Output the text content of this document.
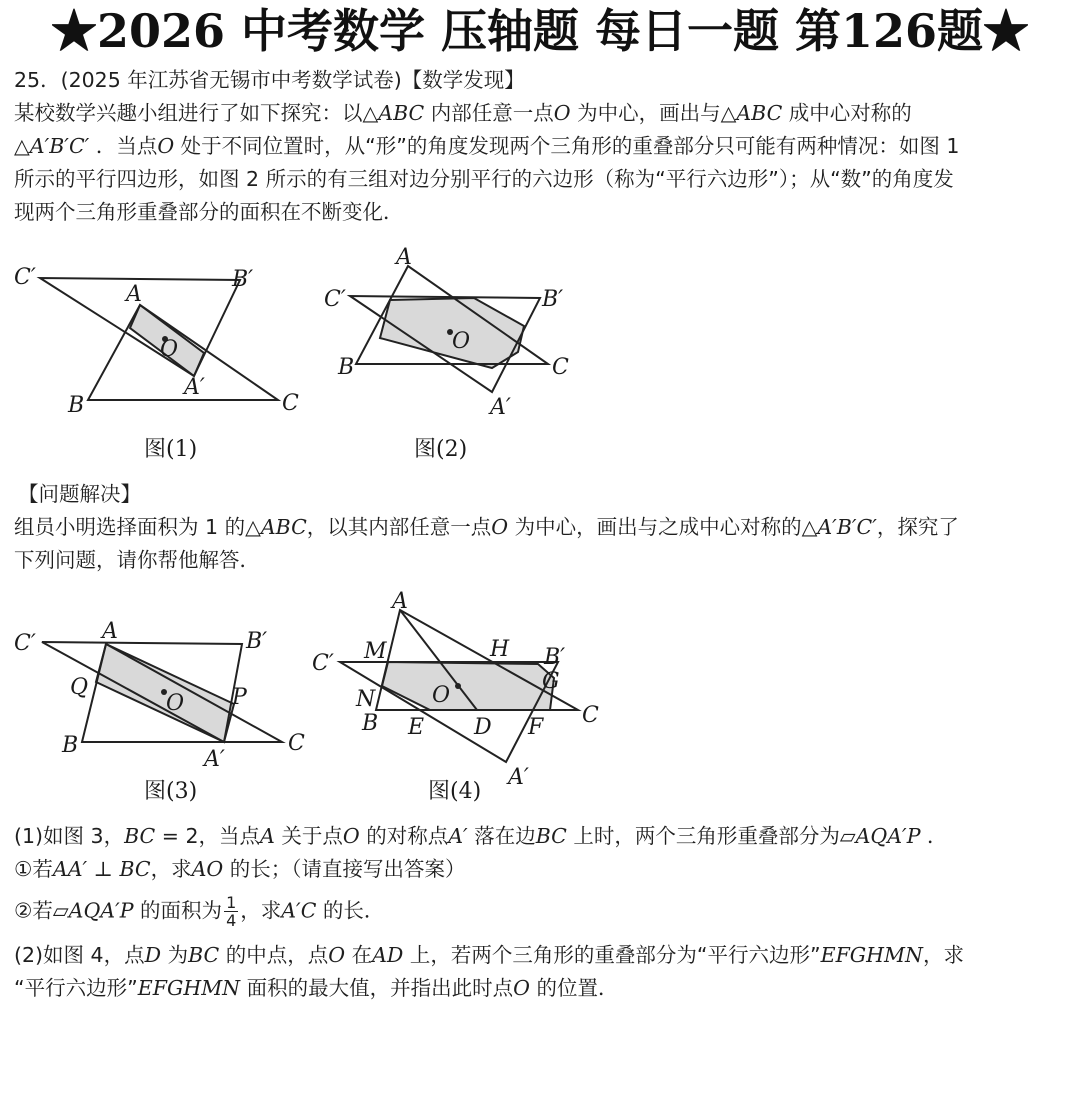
★2026 中考数学 压轴题 每日一题 第126题★
25．(2025 年江苏省无锡市中考数学试卷)【数学发现】
某校数学兴趣小组进行了如下探究：以△ABC 内部任意一点O 为中心，画出与△ABC 成中心对称的
△A′B′C′ ．当点O 处于不同位置时，从“形”的角度发现两个三角形的重叠部分只可能有两种情况：如图 1
所示的平行四边形，如图 2 所示的有三组对边分别平行的六边形（称为“平行六边形”）；从“数”的角度发
现两个三角形重叠部分的面积在不断变化．
C′	B′
A
O
A′
B	C
图(1)
A
C′	B′
O
B	C
A′
图(2)
【问题解决】
组员小明选择面积为 1 的△ABC，以其内部任意一点O 为中心，画出与之成中心对称的△A′B′C′，探究了
下列问题，请你帮他解答．
C′	A	B′
Q
O P
B
A′
C
图(3)
A
M	H B′
C′
G
N	O
B E D F C
A′
图(4)
(1)如图 3，BC = 2，当点A 关于点O 的对称点A′ 落在边BC 上时，两个三角形重叠部分为▱AQA′P ．
①若AA′ ⊥ BC，求AO 的长；（请直接写出答案）
②若▱AQA′P 的面积为 $\frac{1}{4}$ ，求A′C 的长．
(2)如图 4，点D 为BC 的中点，点O 在AD 上，若两个三角形的重叠部分为“平行六边形”EFGHMN，求
“平行六边形”EFGHMN 面积的最大值，并指出此时点O 的位置．
